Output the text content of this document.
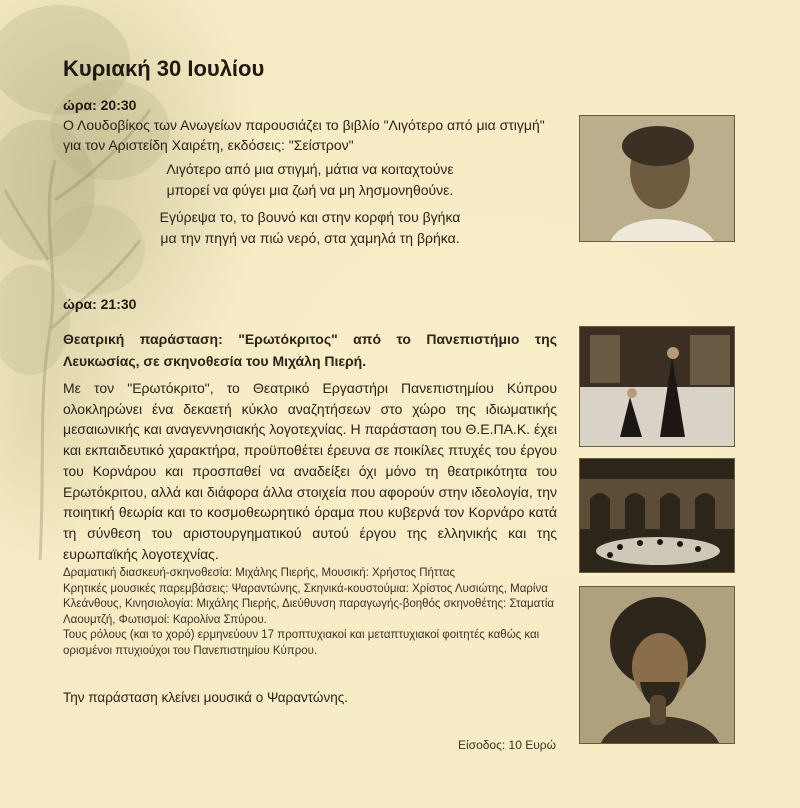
Κυριακή 30 Ιουλίου
ώρα: 20:30
Ο Λουδοβίκος των Ανωγείων παρουσιάζει το βιβλίο "Λιγότερο από μια στιγμή" για τον Αριστείδη Χαιρέτη, εκδόσεις: "Σείστρον"
Λιγότερο από μια στιγμή, μάτια να κοιταχτούνε
μπορεί να φύγει μια ζωή να μη λησμονηθούνε.
Εγύρεψα το, το βουνό και στην κορφή του βγήκα
μα την πηγή να πιώ νερό, στα χαμηλά τη βρήκα.
ώρα: 21:30
Θεατρική παράσταση: "Ερωτόκριτος" από το Πανεπιστήμιο της Λευκωσίας, σε σκηνοθεσία του Μιχάλη Πιερή.
Με τον "Ερωτόκριτο", το Θεατρικό Εργαστήρι Πανεπιστημίου Κύπρου ολοκληρώνει ένα δεκαετή κύκλο αναζητήσεων στο χώρο της ιδιωματικής μεσαιωνικής και αναγεννησιακής λογοτεχνίας. Η παράσταση του Θ.Ε.ΠΑ.Κ. έχει και εκπαιδευτικό χαρακτήρα, προϋποθέτει έρευνα σε ποικίλες πτυχές του έργου του Κορνάρου και προσπαθεί να αναδείξει όχι μόνο τη θεατρικότητα του Ερωτόκριτου, αλλά και διάφορα άλλα στοιχεία που αφορούν στην ιδεολογία, την ποιητική θεωρία και το κοσμοθεωρητικό όραμα που κυβερνά τον Κορνάρο κατά τη σύνθεση του αριστουργηματικού αυτού έργου της ελληνικής και της ευρωπαϊκής λογοτεχνίας.
Δραματική διασκευή-σκηνοθεσία: Μιχάλης Πιερής, Μουσική: Χρήστος Πήττας
Κρητικές μουσικές παρεμβάσεις: Ψαραντώνης, Σκηνικά-κουστούμια: Χρίστος Λυσιώτης, Μαρίνα Κλεάνθους, Κινησιολογία: Μιχάλης Πιερής, Διεύθυνση παραγωγής-βοηθός σκηνοθέτης: Σταματία Λαουμτζή, Φωτισμοί: Καρολίνα Σπύρου.
Τους ρόλους (και το χορό) ερμηνεύουν 17 προπτυχιακοί και μεταπτυχιακοί φοιτητές καθώς και ορισμένοι πτυχιούχοι του Πανεπιστημίου Κύπρου.
Την παράσταση κλείνει μουσικά ο Ψαραντώνης.
Είσοδος: 10 Ευρώ
